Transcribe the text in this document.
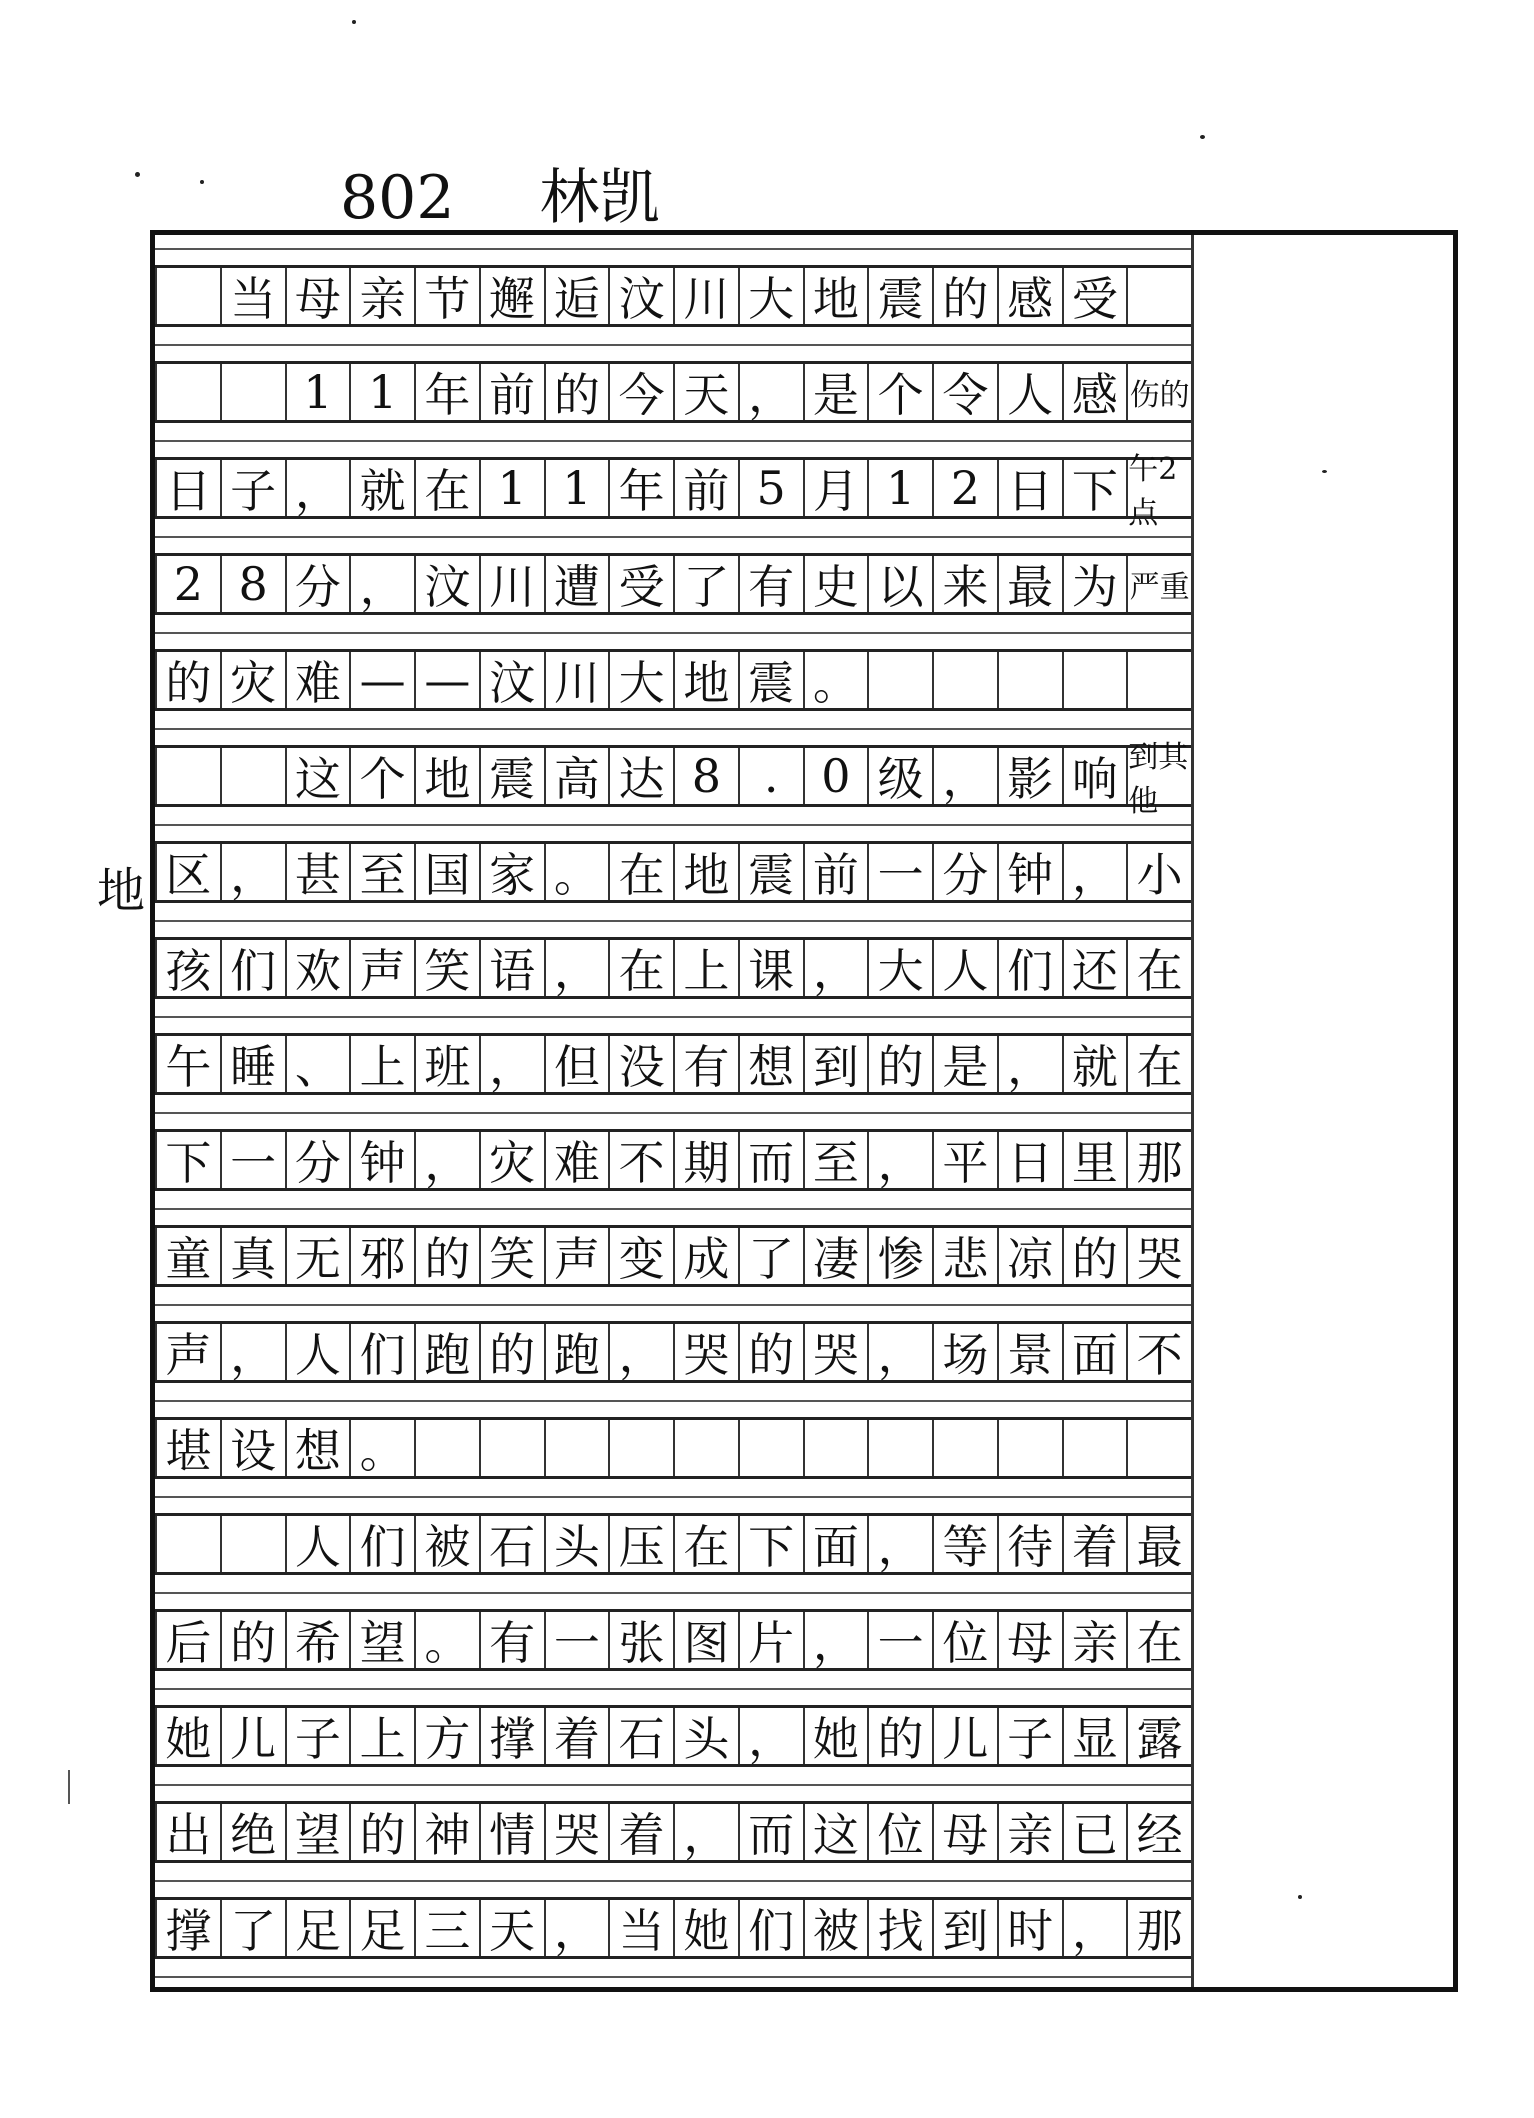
802 林凯
地
当 母 亲 节 邂 逅 汶 川 大 地 震 的 感 受
1 1 年 前 的 今 天 ， 是 个 令 人 感 伤的
日 子 ， 就 在 1 1 年 前 5 月 1 2 日 下 午2点
2 8 分 ， 汶 川 遭 受 了 有 史 以 来 最 为 严重
的 灾 难 — — 汶 川 大 地 震 。
这 个 地 震 高 达 8 . 0 级 ， 影 响 到其他
区 ， 甚 至 国 家 。 在 地 震 前 一 分 钟 ， 小
孩 们 欢 声 笑 语 ， 在 上 课 ， 大 人 们 还 在
午 睡 、 上 班 ， 但 没 有 想 到 的 是 ， 就 在
下 一 分 钟 ， 灾 难 不 期 而 至 ， 平 日 里 那
童 真 无 邪 的 笑 声 变 成 了 凄 惨 悲 凉 的 哭
声 ， 人 们 跑 的 跑 ， 哭 的 哭 ， 场 景 面 不
堪 设 想 。
人 们 被 石 头 压 在 下 面 ， 等 待 着 最
后 的 希 望 。 有 一 张 图 片 ， 一 位 母 亲 在
她 儿 子 上 方 撑 着 石 头 ， 她 的 儿 子 显 露
出 绝 望 的 神 情 哭 着 ， 而 这 位 母 亲 已 经
撑 了 足 足 三 天 ， 当 她 们 被 找 到 时 ， 那
